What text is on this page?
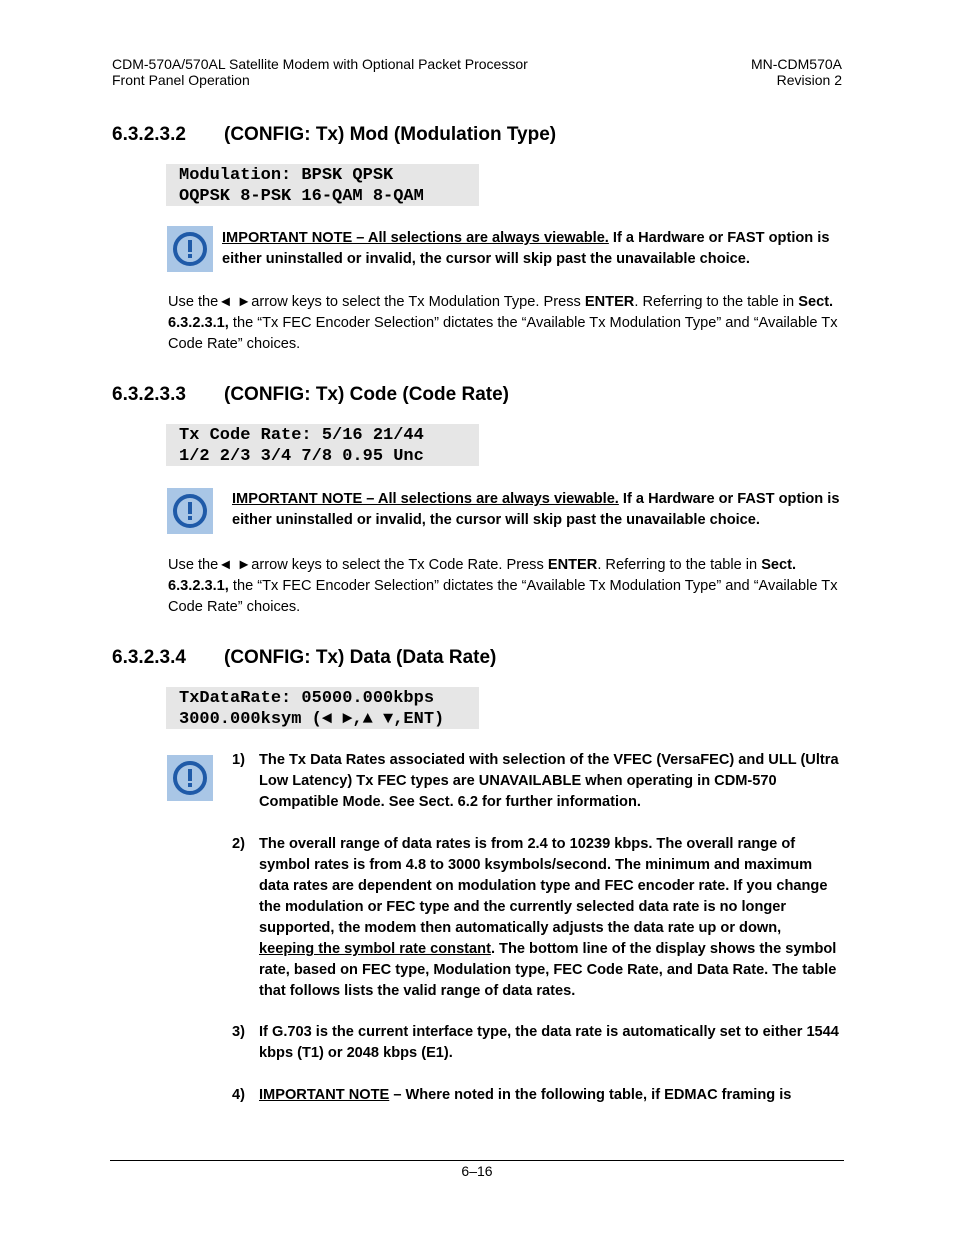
CDM-570A/570AL Satellite Modem with Optional Packet Processor
Front Panel Operation
MN-CDM570A
Revision 2
6.3.2.3.2 (CONFIG: Tx) Mod (Modulation Type)
Modulation: BPSK QPSK
OQPSK 8-PSK 16-QAM 8-QAM
IMPORTANT NOTE – All selections are always viewable. If a Hardware or FAST option is either uninstalled or invalid, the cursor will skip past the unavailable choice.
Use the◄ ►arrow keys to select the Tx Modulation Type. Press ENTER. Referring to the table in Sect. 6.3.2.3.1, the “Tx FEC Encoder Selection” dictates the “Available Tx Modulation Type” and “Available Tx Code Rate” choices.
6.3.2.3.3 (CONFIG: Tx) Code (Code Rate)
Tx Code Rate: 5/16 21/44
1/2 2/3 3/4 7/8 0.95 Unc
IMPORTANT NOTE – All selections are always viewable. If a Hardware or FAST option is either uninstalled or invalid, the cursor will skip past the unavailable choice.
Use the◄ ►arrow keys to select the Tx Code Rate. Press ENTER. Referring to the table in Sect. 6.3.2.3.1, the “Tx FEC Encoder Selection” dictates the “Available Tx Modulation Type” and “Available Tx Code Rate” choices.
6.3.2.3.4 (CONFIG: Tx) Data (Data Rate)
TxDataRate: 05000.000kbps
3000.000ksym (◄ ►,▲ ▼,ENT)
1) The Tx Data Rates associated with selection of the VFEC (VersaFEC) and ULL (Ultra Low Latency) Tx FEC types are UNAVAILABLE when operating in CDM-570 Compatible Mode. See Sect. 6.2 for further information.
2) The overall range of data rates is from 2.4 to 10239 kbps. The overall range of symbol rates is from 4.8 to 3000 ksymbols/second. The minimum and maximum data rates are dependent on modulation type and FEC encoder rate. If you change the modulation or FEC type and the currently selected data rate is no longer supported, the modem then automatically adjusts the data rate up or down, keeping the symbol rate constant. The bottom line of the display shows the symbol rate, based on FEC type, Modulation type, FEC Code Rate, and Data Rate. The table that follows lists the valid range of data rates.
3) If G.703 is the current interface type, the data rate is automatically set to either 1544 kbps (T1) or 2048 kbps (E1).
4) IMPORTANT NOTE – Where noted in the following table, if EDMAC framing is
6–16
